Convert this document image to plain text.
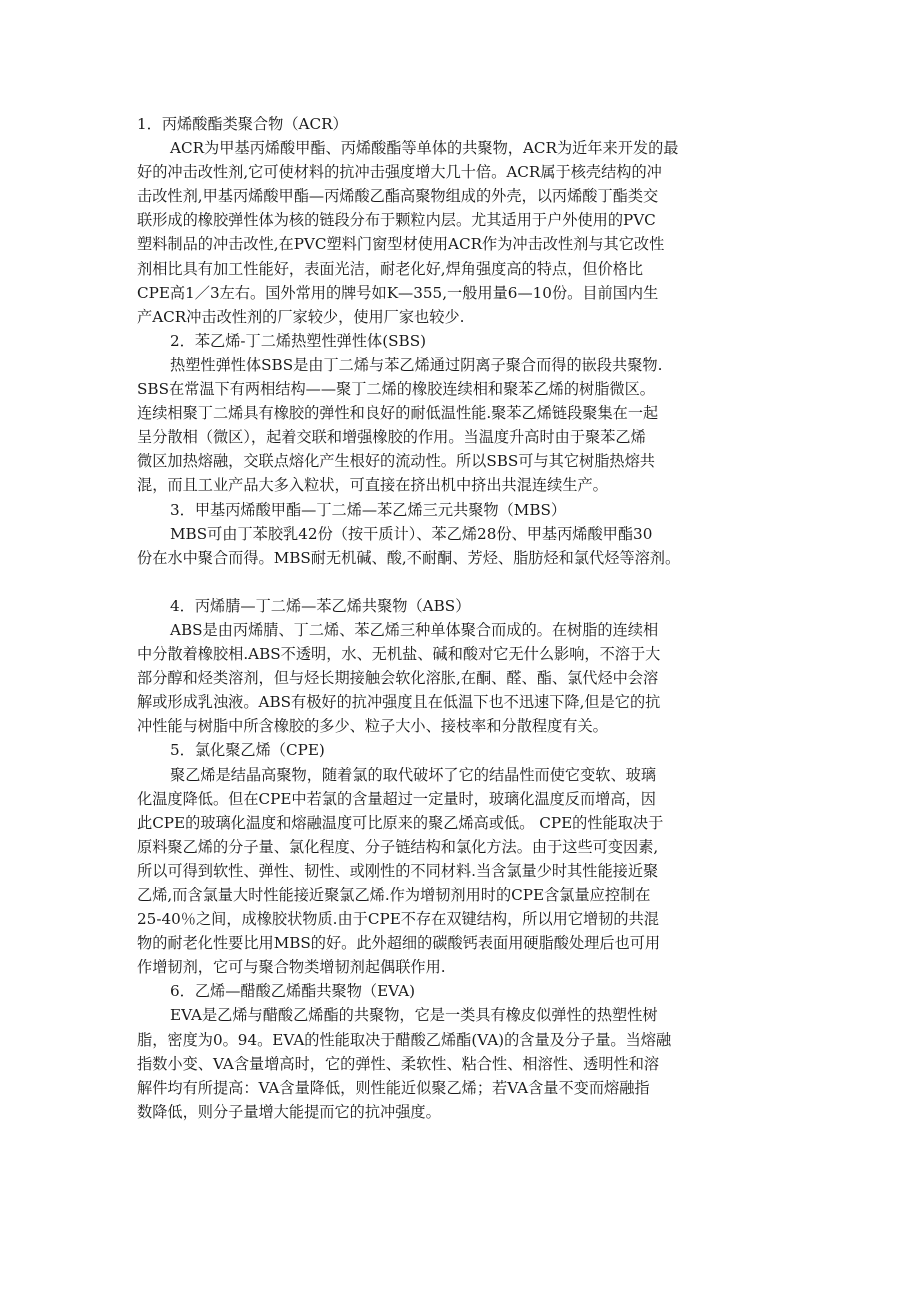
1．丙烯酸酯类聚合物（ACR）
ACR为甲基丙烯酸甲酯、丙烯酸酯等单体的共聚物，ACR为近年来开发的最
好的冲击改性剂,它可使材料的抗冲击强度增大几十倍。ACR属于核壳结构的冲
击改性剂,甲基丙烯酸甲酯—丙烯酸乙酯高聚物组成的外壳，以丙烯酸丁酯类交
联形成的橡胶弹性体为核的链段分布于颗粒内层。尤其适用于户外使用的PVC
塑料制品的冲击改性,在PVC塑料门窗型材使用ACR作为冲击改性剂与其它改性
剂相比具有加工性能好，表面光洁，耐老化好,焊角强度高的特点，但价格比
CPE高1／3左右。国外常用的牌号如K—355,一般用量6—10份。目前国内生
产ACR冲击改性剂的厂家较少，使用厂家也较少.
2．苯乙烯-丁二烯热塑性弹性体(SBS)
热塑性弹性体SBS是由丁二烯与苯乙烯通过阴离子聚合而得的嵌段共聚物.
SBS在常温下有两相结构——聚丁二烯的橡胶连续相和聚苯乙烯的树脂微区。
连续相聚丁二烯具有橡胶的弹性和良好的耐低温性能.聚苯乙烯链段聚集在一起
呈分散相（微区），起着交联和增强橡胶的作用。当温度升高时由于聚苯乙烯
微区加热熔融，交联点熔化产生根好的流动性。所以SBS可与其它树脂热熔共
混，而且工业产品大多入粒状，可直接在挤出机中挤出共混连续生产。
3．甲基丙烯酸甲酯—丁二烯—苯乙烯三元共聚物（MBS）
MBS可由丁苯胶乳42份（按干质计）、苯乙烯28份、甲基丙烯酸甲酯30
份在水中聚合而得。MBS耐无机碱、酸,不耐酮、芳烃、脂肪烃和氯代烃等溶剂。
4．丙烯腈—丁二烯—苯乙烯共聚物（ABS）
ABS是由丙烯腈、丁二烯、苯乙烯三种单体聚合而成的。在树脂的连续相
中分散着橡胶相.ABS不透明，水、无机盐、碱和酸对它无什么影响，不溶于大
部分醇和烃类溶剂，但与烃长期接触会软化溶胀,在酮、醛、酯、氯代烃中会溶
解或形成乳浊液。ABS有极好的抗冲强度且在低温下也不迅速下降,但是它的抗
冲性能与树脂中所含橡胶的多少、粒子大小、接枝率和分散程度有关。
5．氯化聚乙烯（CPE)
聚乙烯是结晶高聚物，随着氯的取代破坏了它的结晶性而使它变软、玻璃
化温度降低。但在CPE中若氯的含量超过一定量时，玻璃化温度反而增高，因
此CPE的玻璃化温度和熔融温度可比原来的聚乙烯高或低。 CPE的性能取决于
原料聚乙烯的分子量、氯化程度、分子链结构和氯化方法。由于这些可变因素,
所以可得到软性、弹性、韧性、或刚性的不同材料.当含氯量少时其性能接近聚
乙烯,而含氯量大时性能接近聚氯乙烯.作为增韧剂用时的CPE含氯量应控制在
25-40％之间，成橡胶状物质.由于CPE不存在双键结构，所以用它增韧的共混
物的耐老化性要比用MBS的好。此外超细的碳酸钙表面用硬脂酸处理后也可用
作增韧剂，它可与聚合物类增韧剂起偶联作用.
6．乙烯—醋酸乙烯酯共聚物（EVA)
EVA是乙烯与醋酸乙烯酯的共聚物，它是一类具有橡皮似弹性的热塑性树
脂，密度为0。94。EVA的性能取决于醋酸乙烯酯(VA)的含量及分子量。当熔融
指数小变、VA含量增高时，它的弹性、柔软性、粘合性、相溶性、透明性和溶
解件均有所提高：VA含量降低，则性能近似聚乙烯；若VA含量不变而熔融指
数降低，则分子量增大能提而它的抗冲强度。
